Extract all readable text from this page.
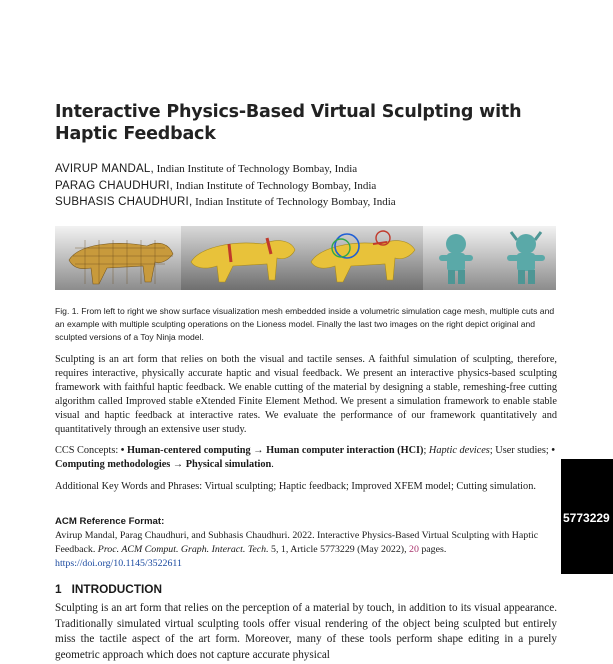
Interactive Physics-Based Virtual Sculpting with Haptic Feedback
AVIRUP MANDAL, Indian Institute of Technology Bombay, India
PARAG CHAUDHURI, Indian Institute of Technology Bombay, India
SUBHASIS CHAUDHURI, Indian Institute of Technology Bombay, India
Fig. 1. From left to right we show surface visualization mesh embedded inside a volumetric simulation cage mesh, multiple cuts and an example with multiple sculpting operations on the Lioness model. Finally the last two images on the right depict original and sculpted versions of a Toy Ninja model.
Sculpting is an art form that relies on both the visual and tactile senses. A faithful simulation of sculpting, therefore, requires interactive, physically accurate haptic and visual feedback. We present an interactive physics-based sculpting framework with faithful haptic feedback. We enable cutting of the material by designing a stable, remeshing-free cutting algorithm called Improved stable eXtended Finite Element Method. We present a simulation framework to enable stable visual and haptic feedback at interactive rates. We evaluate the performance of our framework quantitatively and quantitatively through an extensive user study.
CCS Concepts: • Human-centered computing → Human computer interaction (HCI); Haptic devices; User studies; • Computing methodologies → Physical simulation.
Additional Key Words and Phrases: Virtual sculpting; Haptic feedback; Improved XFEM model; Cutting simulation.
ACM Reference Format:
Avirup Mandal, Parag Chaudhuri, and Subhasis Chaudhuri. 2022. Interactive Physics-Based Virtual Sculpting with Haptic Feedback. Proc. ACM Comput. Graph. Interact. Tech. 5, 1, Article 5773229 (May 2022), 20 pages.
https://doi.org/10.1145/3522611
1 INTRODUCTION
Sculpting is an art form that relies on the perception of a material by touch, in addition to its visual appearance. Traditionally simulated virtual sculpting tools offer visual rendering of the object being sculpted but entirely miss the tactile aspect of the art form. Moreover, many of these tools perform shape editing in a purely geometric approach which does not capture accurate physical
5773229
